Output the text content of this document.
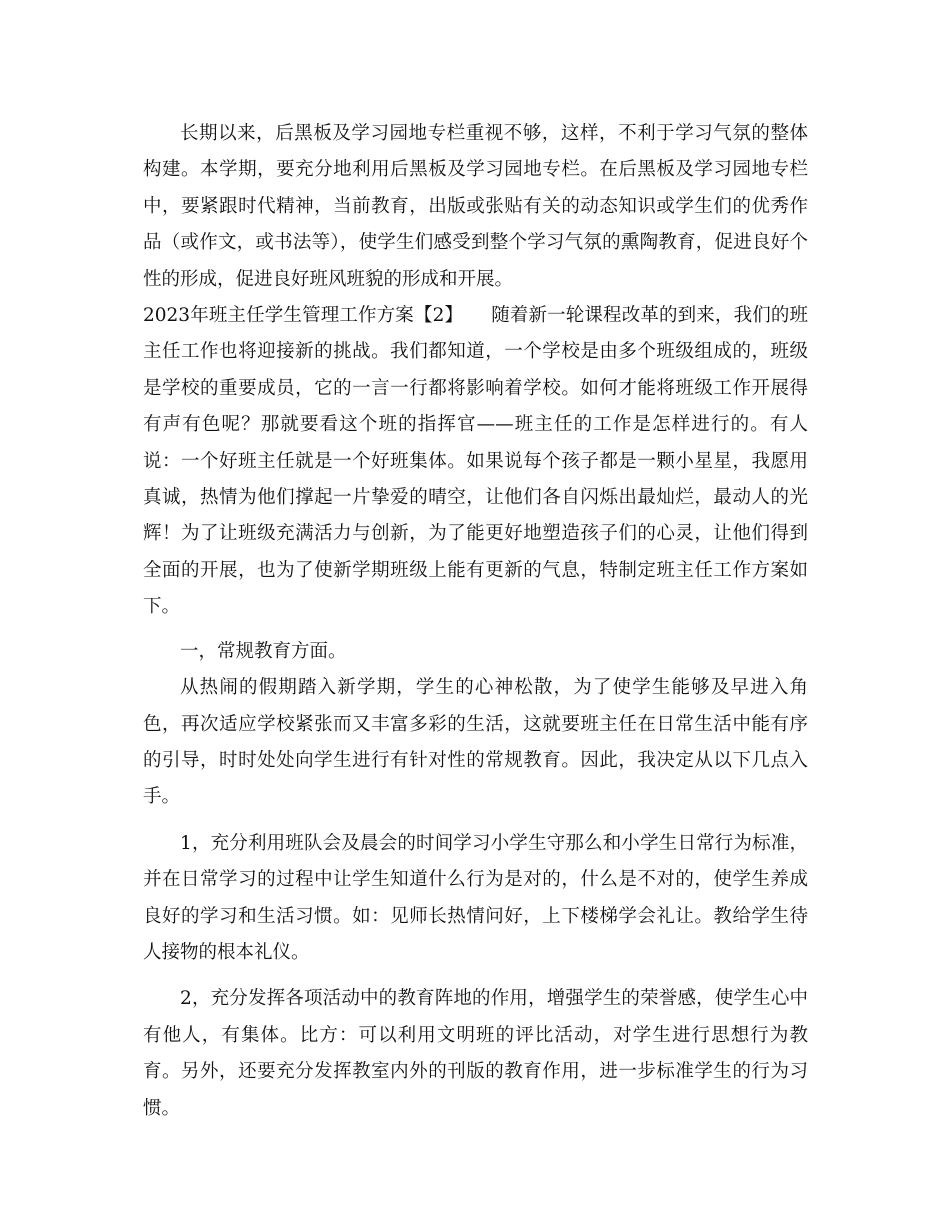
长期以来，后黑板及学习园地专栏重视不够，这样，不利于学习气氛的整体构建。本学期，要充分地利用后黑板及学习园地专栏。在后黑板及学习园地专栏中，要紧跟时代精神，当前教育，出版或张贴有关的动态知识或学生们的优秀作品（或作文，或书法等），使学生们感受到整个学习气氛的熏陶教育，促进良好个性的形成，促进良好班风班貌的形成和开展。

2023年班主任学生管理工作方案【2】　　随着新一轮课程改革的到来，我们的班主任工作也将迎接新的挑战。我们都知道，一个学校是由多个班级组成的，班级是学校的重要成员，它的一言一行都将影响着学校。如何才能将班级工作开展得有声有色呢？那就要看这个班的指挥官——班主任的工作是怎样进行的。有人说：一个好班主任就是一个好班集体。如果说每个孩子都是一颗小星星，我愿用真诚，热情为他们撑起一片挚爱的晴空，让他们各自闪烁出最灿烂，最动人的光辉！为了让班级充满活力与创新，为了能更好地塑造孩子们的心灵，让他们得到全面的开展，也为了使新学期班级上能有更新的气息，特制定班主任工作方案如下。

一，常规教育方面。

从热闹的假期踏入新学期，学生的心神松散，为了使学生能够及早进入角色，再次适应学校紧张而又丰富多彩的生活，这就要班主任在日常生活中能有序的引导，时时处处向学生进行有针对性的常规教育。因此，我决定从以下几点入手。

1，充分利用班队会及晨会的时间学习小学生守那么和小学生日常行为标准，并在日常学习的过程中让学生知道什么行为是对的，什么是不对的，使学生养成良好的学习和生活习惯。如：见师长热情问好，上下楼梯学会礼让。教给学生待人接物的根本礼仪。

2，充分发挥各项活动中的教育阵地的作用，增强学生的荣誉感，使学生心中有他人，有集体。比方：可以利用文明班的评比活动，对学生进行思想行为教育。另外，还要充分发挥教室内外的刊版的教育作用，进一步标准学生的行为习惯。
